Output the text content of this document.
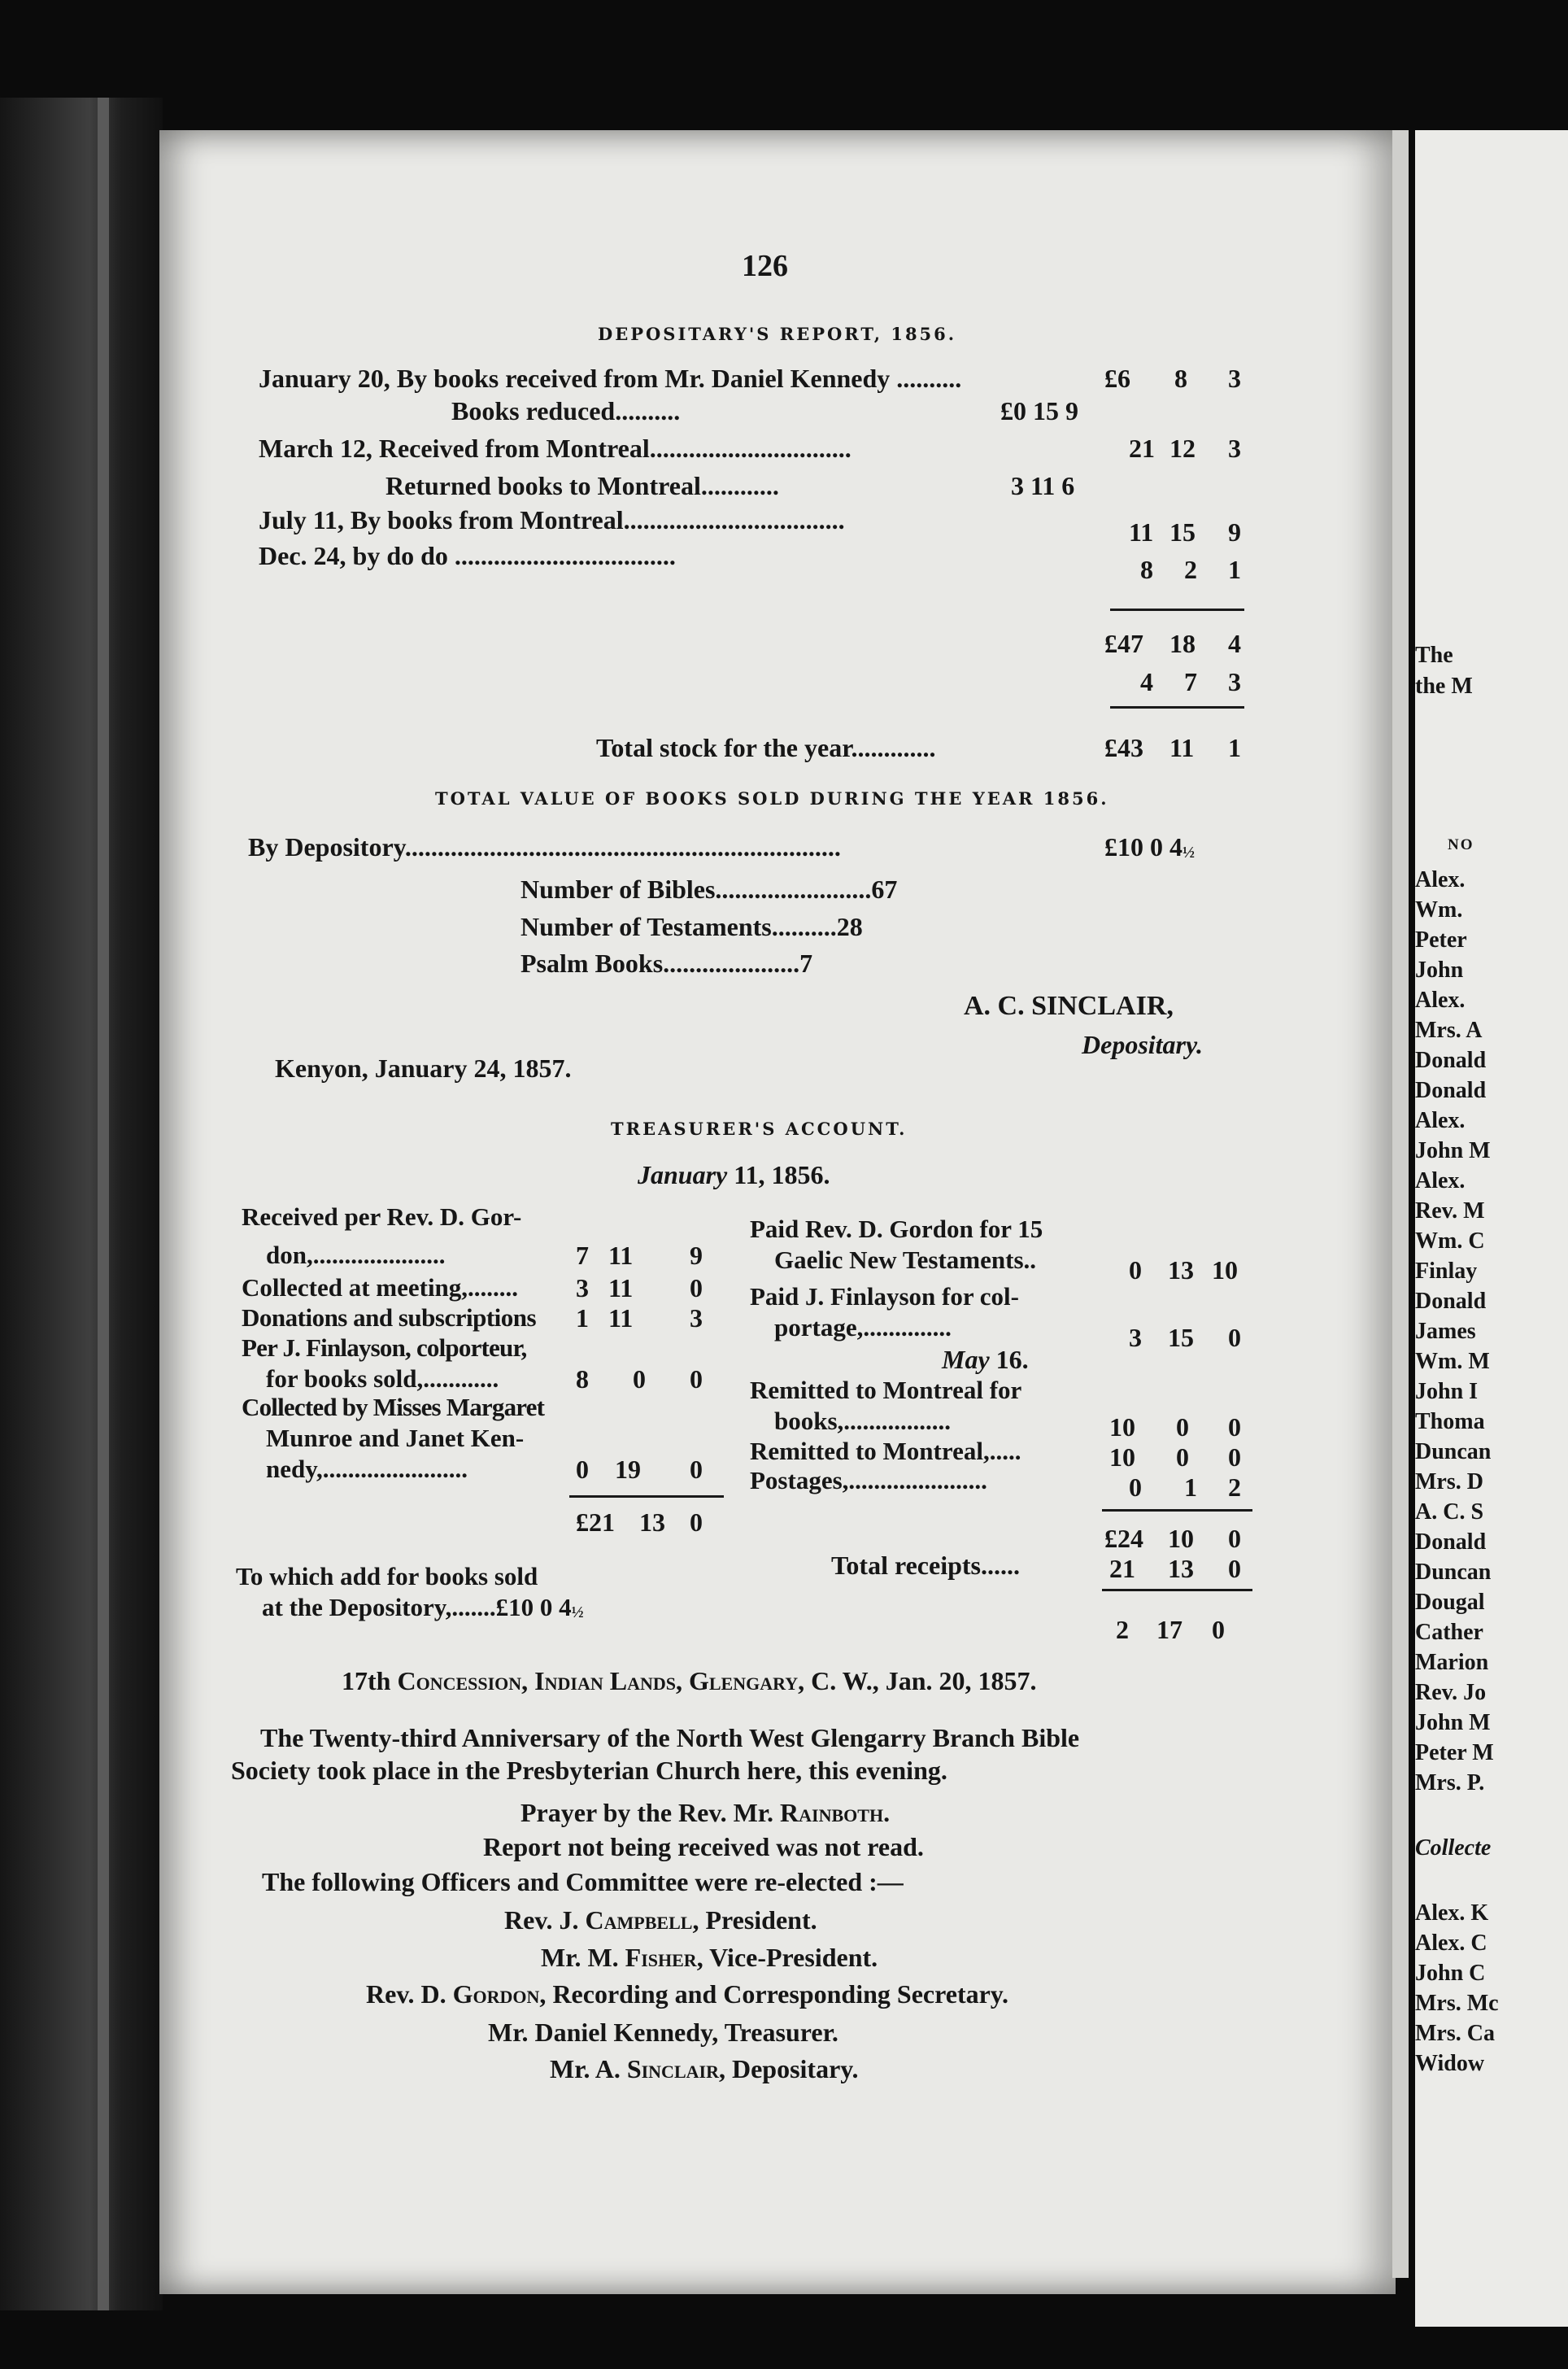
The
the M
NO
Alex.
Wm.
Peter
John
Alex.
Mrs. A
Donald
Donald
Alex.
John M
Alex.
Rev. M
Wm. C
Finlay
Donald
James
Wm. M
John I
Thoma
Duncan
Mrs. D
A. C. S
Donald
Duncan
Dougal
Cather
Marion
Rev. Jo
John M
Peter M
Mrs. P.
Collecte
Alex. K
Alex. C
John C
Mrs. Mc
Mrs. Ca
Widow
126
DEPOSITARY'S REPORT, 1856.
January 20, By books received from Mr. Daniel Kennedy ..........	£6 8 3
Books reduced..........	£0 15 9
March 12, Received from Montreal...............................	21 12 3
Returned books to Montreal............	3 11 6
July 11, By books from Montreal..................................	11 15 9
Dec. 24, by do do ..................................	8 2 1
£47 18 4
4 7 3
Total stock for the year.............	£43 11 1
TOTAL VALUE OF BOOKS SOLD DURING THE YEAR 1856.
By Depository...................................................................	£10 0 4½
Number of Bibles........................67
Number of Testaments..........28
Psalm Books.....................7
A. C. SINCLAIR,
Depositary.
Kenyon, January 24, 1857.
TREASURER'S ACCOUNT.
January 11, 1856.
Received per Rev. D. Gor-
don,.....................	7 11 9
Collected at meeting,........ 3 11 0
Donations and subscriptions 1 11 3
Per J. Finlayson, colporteur,
for books sold,............	8 0 0
Collected by Misses Margaret
Munroe and Janet Ken-
nedy,.......................	0 19 0
£21 13 0
To which add for books sold
at the Depository,.......£10 0 4½
Paid Rev. D. Gordon for 15
Gaelic New Testaments..	0 13 10
Paid J. Finlayson for col-
portage,..............	3 15 0
May 16.
Remitted to Montreal for
books,.................	10 0 0
Remitted to Montreal,.....	10 0 0
Postages,......................	0 1 2
£24 10 0
Total receipts......	21 13 0
2 17 0
17th Concession, Indian Lands, Glengary, C. W., Jan. 20, 1857.
The Twenty-third Anniversary of the North West Glengarry Branch Bible
Society took place in the Presbyterian Church here, this evening.
Prayer by the Rev. Mr. Rainboth.
Report not being received was not read.
The following Officers and Committee were re-elected :—
Rev. J. Campbell, President.
Mr. M. Fisher, Vice-President.
Rev. D. Gordon, Recording and Corresponding Secretary.
Mr. Daniel Kennedy, Treasurer.
Mr. A. Sinclair, Depositary.
